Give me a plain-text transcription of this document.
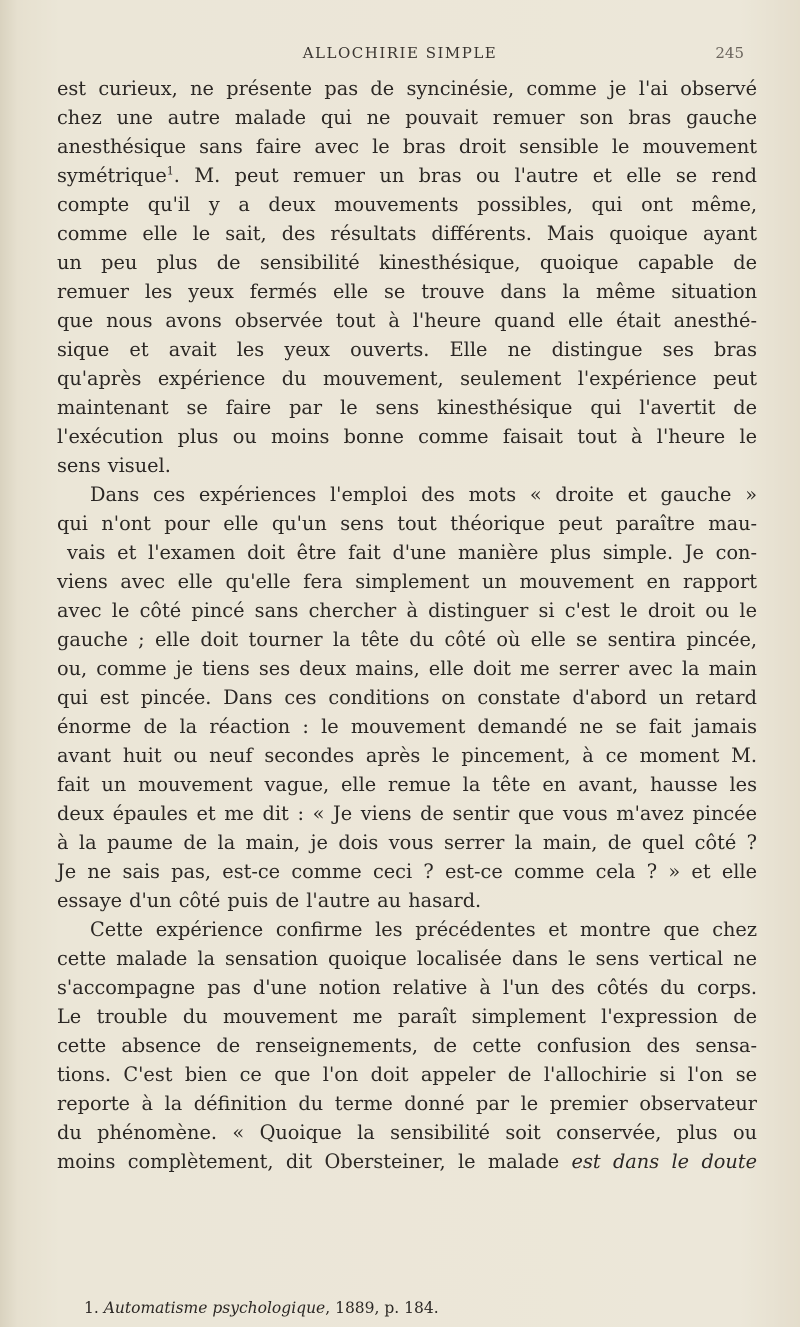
ALLOCHIRIE SIMPLE	245
est curieux, ne présente pas de syncinésie, comme je l'ai observé
chez une autre malade qui ne pouvait remuer son bras gauche
anesthésique sans faire avec le bras droit sensible le mouvement
symétrique$^1$. M. peut remuer un bras ou l'autre et elle se rend
compte qu'il y a deux mouvements possibles, qui ont même,
comme elle le sait, des résultats différents. Mais quoique ayant
un peu plus de sensibilité kinesthésique, quoique capable de
remuer les yeux fermés elle se trouve dans la même situation
que nous avons observée tout à l'heure quand elle était anesthé-
sique et avait les yeux ouverts. Elle ne distingue ses bras
qu'après expérience du mouvement, seulement l'expérience peut
maintenant se faire par le sens kinesthésique qui l'avertit de
l'exécution plus ou moins bonne comme faisait tout à l'heure le
sens visuel.
Dans ces expériences l'emploi des mots « droite et gauche »
qui n'ont pour elle qu'un sens tout théorique peut paraître mau-
vais et l'examen doit être fait d'une manière plus simple. Je con-
viens avec elle qu'elle fera simplement un mouvement en rapport
avec le côté pincé sans chercher à distinguer si c'est le droit ou le
gauche ; elle doit tourner la tête du côté où elle se sentira pincée,
ou, comme je tiens ses deux mains, elle doit me serrer avec la main
qui est pincée. Dans ces conditions on constate d'abord un retard
énorme de la réaction : le mouvement demandé ne se fait jamais
avant huit ou neuf secondes après le pincement, à ce moment M.
fait un mouvement vague, elle remue la tête en avant, hausse les
deux épaules et me dit : « Je viens de sentir que vous m'avez pincée
à la paume de la main, je dois vous serrer la main, de quel côté ?
Je ne sais pas, est-ce comme ceci ? est-ce comme cela ? » et elle
essaye d'un côté puis de l'autre au hasard.
Cette expérience confirme les précédentes et montre que chez
cette malade la sensation quoique localisée dans le sens vertical ne
s'accompagne pas d'une notion relative à l'un des côtés du corps.
Le trouble du mouvement me paraît simplement l'expression de
cette absence de renseignements, de cette confusion des sensa-
tions. C'est bien ce que l'on doit appeler de l'allochirie si l'on se
reporte à la définition du terme donné par le premier observateur
du phénomène. « Quoique la sensibilité soit conservée, plus ou
moins complètement, dit Obersteiner, le malade est dans le doute
1. Automatisme psychologique, 1889, p. 184.
